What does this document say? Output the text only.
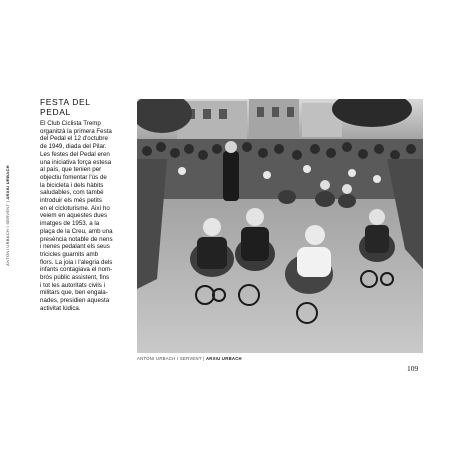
ANTONI URBACH I SERVENT | ARXIU URBACH
FESTA DEL PEDAL

El Club Ciclista Tremp
organitzà la primera Festa
del Pedal el 12 d'octubre
de 1949, diada del Pilar.
Les festes del Pedal eren
una iniciativa força estesa
al país, que tenien per
objectiu fomentar l'ús de
la bicicleta i dels hàbits
saludables, com també
introduir els més petits
en el cicloturisme. Així ho
veiem en aquestes dues
imatges de 1953, a la
plaça de la Creu, amb una
presència notable de nens
i nenes pedalant els seus
tricicles guarnits amb
flors. La joia i l'alegria dels
infants contagiava el nom-
brós públic assistent, fins
i tot les autoritats civils i
militars que, ben engala-
nades, presidien aquesta
activitat lúdica.

ANTONI URBACH I SERVENT | ARXIU URBACH
109
